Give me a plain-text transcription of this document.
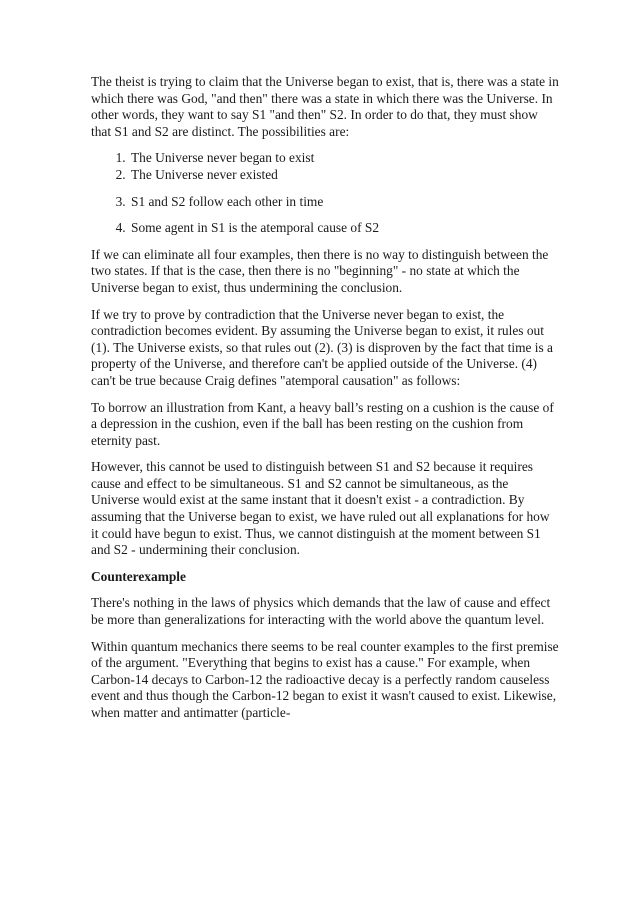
The theist is trying to claim that the Universe began to exist, that is, there was a state in which there was God, "and then" there was a state in which there was the Universe. In other words, they want to say S1 "and then" S2. In order to do that, they must show that S1 and S2 are distinct. The possibilities are:

1. The Universe never began to exist
2. The Universe never existed
3. S1 and S2 follow each other in time
4. Some agent in S1 is the atemporal cause of S2

If we can eliminate all four examples, then there is no way to distinguish between the two states. If that is the case, then there is no "beginning" - no state at which the Universe began to exist, thus undermining the conclusion.

If we try to prove by contradiction that the Universe never began to exist, the contradiction becomes evident. By assuming the Universe began to exist, it rules out (1). The Universe exists, so that rules out (2). (3) is disproven by the fact that time is a property of the Universe, and therefore can't be applied outside of the Universe. (4) can't be true because Craig defines "atemporal causation" as follows:

To borrow an illustration from Kant, a heavy ball’s resting on a cushion is the cause of a depression in the cushion, even if the ball has been resting on the cushion from eternity past.

However, this cannot be used to distinguish between S1 and S2 because it requires cause and effect to be simultaneous. S1 and S2 cannot be simultaneous, as the Universe would exist at the same instant that it doesn't exist - a contradiction. By assuming that the Universe began to exist, we have ruled out all explanations for how it could have begun to exist. Thus, we cannot distinguish at the moment between S1 and S2 - undermining their conclusion.

Counterexample

There's nothing in the laws of physics which demands that the law of cause and effect be more than generalizations for interacting with the world above the quantum level.

Within quantum mechanics there seems to be real counter examples to the first premise of the argument. "Everything that begins to exist has a cause." For example, when Carbon-14 decays to Carbon-12 the radioactive decay is a perfectly random causeless event and thus though the Carbon-12 began to exist it wasn't caused to exist. Likewise, when matter and antimatter (particle-
